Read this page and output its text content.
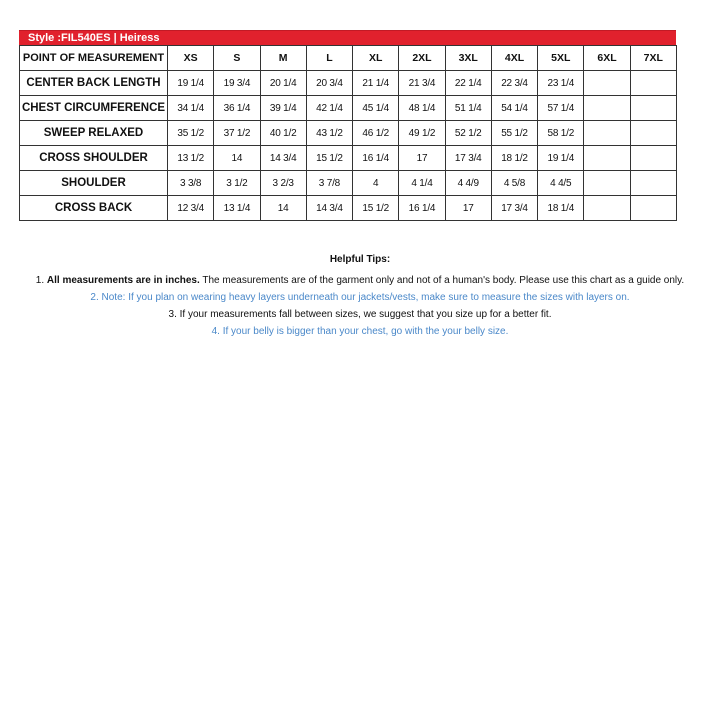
Style :FIL540ES | Heiress
POINT OF MEASUREMENT	XS	S	M	L	XL	2XL	3XL	4XL	5XL	6XL	7XL
CENTER BACK LENGTH	19 1/4	19 3/4	20 1/4	20 3/4	21 1/4	21 3/4	22 1/4	22 3/4	23 1/4		
CHEST CIRCUMFERENCE	34 1/4	36 1/4	39 1/4	42 1/4	45 1/4	48 1/4	51 1/4	54 1/4	57 1/4		
SWEEP RELAXED	35 1/2	37 1/2	40 1/2	43 1/2	46 1/2	49 1/2	52 1/2	55 1/2	58 1/2		
CROSS SHOULDER	13 1/2	14	14 3/4	15 1/2	16 1/4	17	17 3/4	18 1/2	19 1/4		
SHOULDER	3 3/8	3 1/2	3 2/3	3 7/8	4	4 1/4	4 4/9	4 5/8	4 4/5		
CROSS BACK	12 3/4	13 1/4	14	14 3/4	15 1/2	16 1/4	17	17 3/4	18 1/4		
Helpful Tips:
1. All measurements are in inches. The measurements are of the garment only and not of a human's body. Please use this chart as a guide only.
2. Note: If you plan on wearing heavy layers underneath our jackets/vests, make sure to measure the sizes with layers on.
3. If your measurements fall between sizes, we suggest that you size up for a better fit.
4. If your belly is bigger than your chest, go with the your belly size.
